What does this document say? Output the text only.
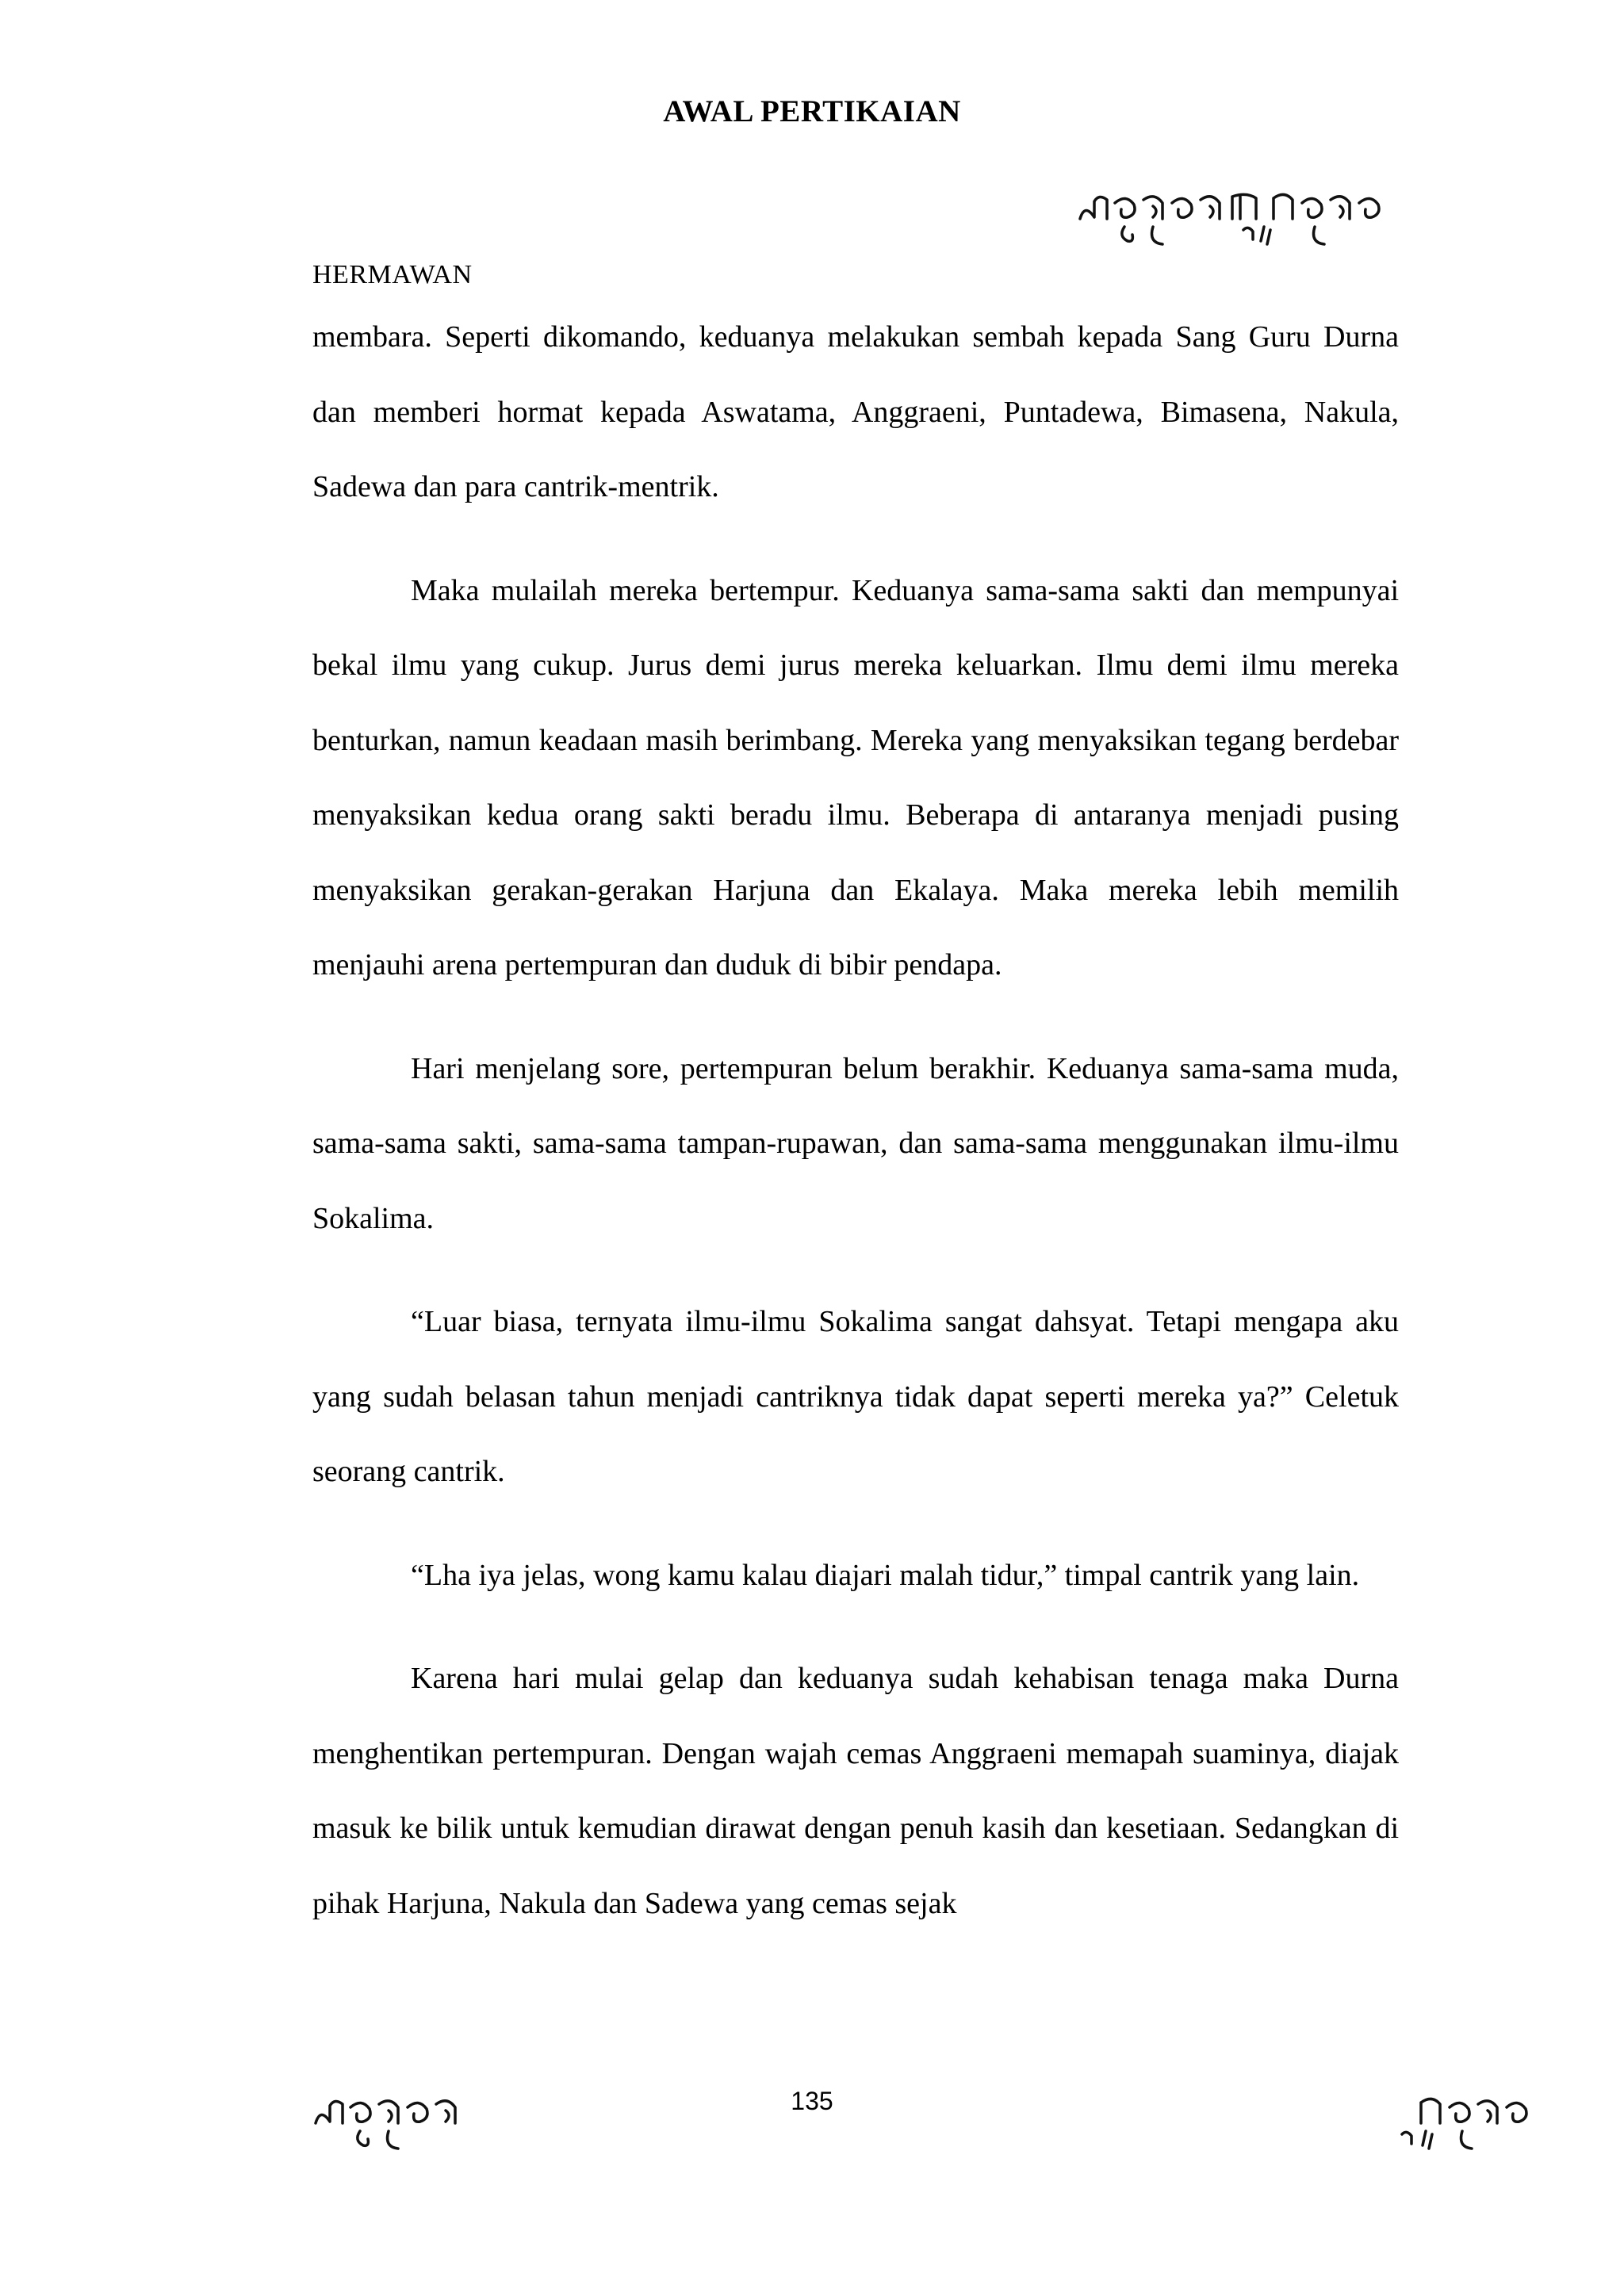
AWAL PERTIKAIAN
HERMAWAN

membara. Seperti dikomando, keduanya melakukan sembah kepada Sang Guru Durna dan memberi hormat kepada Aswatama, Anggraeni, Puntadewa, Bimasena, Nakula, Sadewa dan para cantrik-mentrik.

Maka mulailah mereka bertempur. Keduanya sama-sama sakti dan mempunyai bekal ilmu yang cukup. Jurus demi jurus mereka keluarkan. Ilmu demi ilmu mereka benturkan, namun keadaan masih berimbang. Mereka yang menyaksikan tegang berdebar menyaksikan kedua orang sakti beradu ilmu. Beberapa di antaranya menjadi pusing menyaksikan gerakan-gerakan Harjuna dan Ekalaya. Maka mereka lebih memilih menjauhi arena pertempuran dan duduk di bibir pendapa.

Hari menjelang sore, pertempuran belum berakhir. Keduanya sama-sama muda, sama-sama sakti, sama-sama tampan-rupawan, dan sama-sama menggunakan ilmu-ilmu Sokalima.

“Luar biasa, ternyata ilmu-ilmu Sokalima sangat dahsyat. Tetapi mengapa aku yang sudah belasan tahun menjadi cantriknya tidak dapat seperti mereka ya?” Celetuk seorang cantrik.

“Lha iya jelas, wong kamu kalau diajari malah tidur,” timpal cantrik yang lain.

Karena hari mulai gelap dan keduanya sudah kehabisan tenaga maka Durna menghentikan pertempuran. Dengan wajah cemas Anggraeni memapah suaminya, diajak masuk ke bilik untuk kemudian dirawat dengan penuh kasih dan kesetiaan. Sedangkan di pihak Harjuna, Nakula dan Sadewa yang cemas sejak

135
